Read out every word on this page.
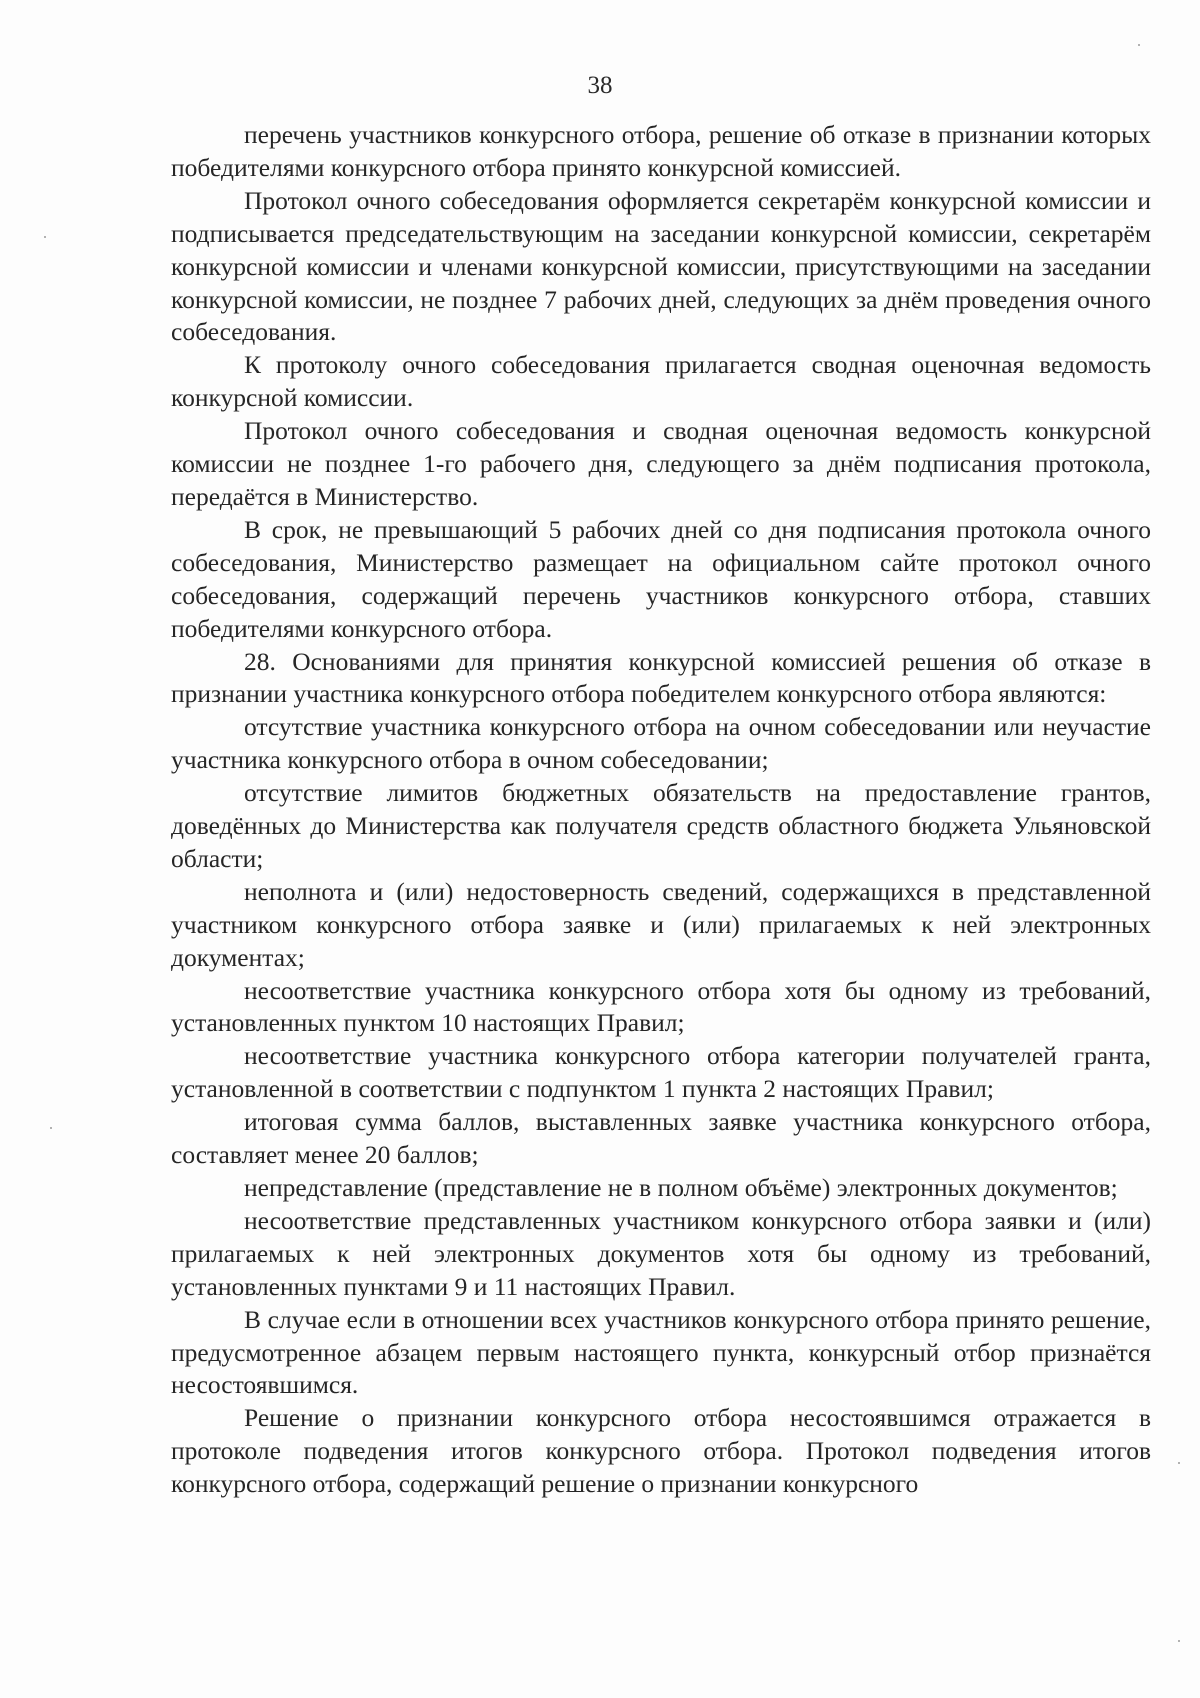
38

перечень участников конкурсного отбора, решение об отказе в признании которых победителями конкурсного отбора принято конкурсной комиссией.

Протокол очного собеседования оформляется секретарём конкурсной комиссии и подписывается председательствующим на заседании конкурсной комиссии, секретарём конкурсной комиссии и членами конкурсной комиссии, присутствующими на заседании конкурсной комиссии, не позднее 7 рабочих дней, следующих за днём проведения очного собеседования.

К протоколу очного собеседования прилагается сводная оценочная ведомость конкурсной комиссии.

Протокол очного собеседования и сводная оценочная ведомость конкурсной комиссии не позднее 1-го рабочего дня, следующего за днём подписания протокола, передаётся в Министерство.

В срок, не превышающий 5 рабочих дней со дня подписания протокола очного собеседования, Министерство размещает на официальном сайте протокол очного собеседования, содержащий перечень участников конкурсного отбора, ставших победителями конкурсного отбора.

28. Основаниями для принятия конкурсной комиссией решения об отказе в признании участника конкурсного отбора победителем конкурсного отбора являются:

отсутствие участника конкурсного отбора на очном собеседовании или неучастие участника конкурсного отбора в очном собеседовании;

отсутствие лимитов бюджетных обязательств на предоставление грантов, доведённых до Министерства как получателя средств областного бюджета Ульяновской области;

неполнота и (или) недостоверность сведений, содержащихся в представленной участником конкурсного отбора заявке и (или) прилагаемых к ней электронных документах;

несоответствие участника конкурсного отбора хотя бы одному из требований, установленных пунктом 10 настоящих Правил;

несоответствие участника конкурсного отбора категории получателей гранта, установленной в соответствии с подпунктом 1 пункта 2 настоящих Правил;

итоговая сумма баллов, выставленных заявке участника конкурсного отбора, составляет менее 20 баллов;

непредставление (представление не в полном объёме) электронных документов;

несоответствие представленных участником конкурсного отбора заявки и (или) прилагаемых к ней электронных документов хотя бы одному из требований, установленных пунктами 9 и 11 настоящих Правил.

В случае если в отношении всех участников конкурсного отбора принято решение, предусмотренное абзацем первым настоящего пункта, конкурсный отбор признаётся несостоявшимся.

Решение о признании конкурсного отбора несостоявшимся отражается в протоколе подведения итогов конкурсного отбора. Протокол подведения итогов конкурсного отбора, содержащий решение о признании конкурсного
